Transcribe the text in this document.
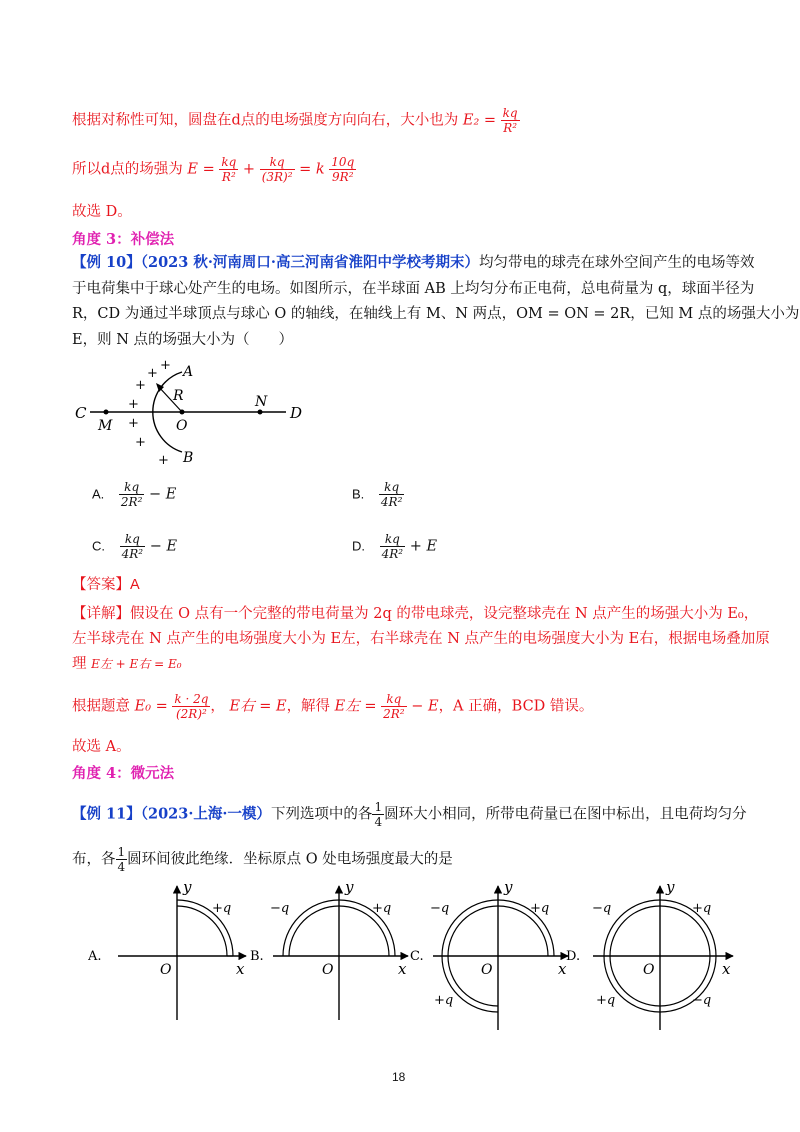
根据对称性可知，圆盘在d点的电场强度方向向右，大小也为 $E_2 = \frac{kq}{\text{R²}}$
所以d点的场强为 $E = \frac{kq}{\text{R²}} + \frac{kq}{\text{(3R)²}} = k \frac{10q}{\text{9R²}}$
故选 D。
角度 3：补偿法
【例 10】（2023 秋·河南周口·高三河南省淮阳中学校考期末）均匀带电的球壳在球外空间产生的电场等效
于电荷集中于球心处产生的电场。如图所示，在半球面 AB 上均匀分布正电荷，总电荷量为 q，球面半径为
R，CD 为通过半球顶点与球心 O 的轴线，在轴线上有 M、N 两点，OM = ON = 2R，已知 M 点的场强大小为
E，则 N 点的场强大小为（　　）
C
M	O
N
D
A
B
R
+
+
+
+
+
+
+
A. $\frac{kq}{\text{2R²}} - E$	B. $\frac{kq}{\text{4R²}}$
C. $\frac{kq}{\text{4R²}} - E$	D. $\frac{kq}{\text{4R²}} + E$
【答案】A
【详解】假设在 O 点有一个完整的带电荷量为 2q 的带电球壳，设完整球壳在 N 点产生的场强大小为 E₀，
左半球壳在 N 点产生的电场强度大小为 E左，右半球壳在 N 点产生的电场强度大小为 E右，根据电场叠加原
理 E左 + E右 = E₀
根据题意 $E_0 = \frac{k \cdot 2q}{\text{(2R)²}}$ ， E右 = E，解得 E左 = $\frac{kq}{\text{2R²}} - E$，A 正确，BCD 错误。
故选 A。
角度 4：微元法
【例 11】（2023·上海·一模）下列选项中的各 $\frac{1}{4}$ 圆环大小相同，所带电荷量已在图中标出，且电荷均匀分
布，各 $\frac{1}{4}$ 圆环间彼此绝缘．坐标原点 O 处电场强度最大的是
A.
y
x
O
+q
B.
y
x
O
−q	+q
C.
y
x
O
−q	+q
+q
D.
y
x
O
−q	+q
+q	−q
18
